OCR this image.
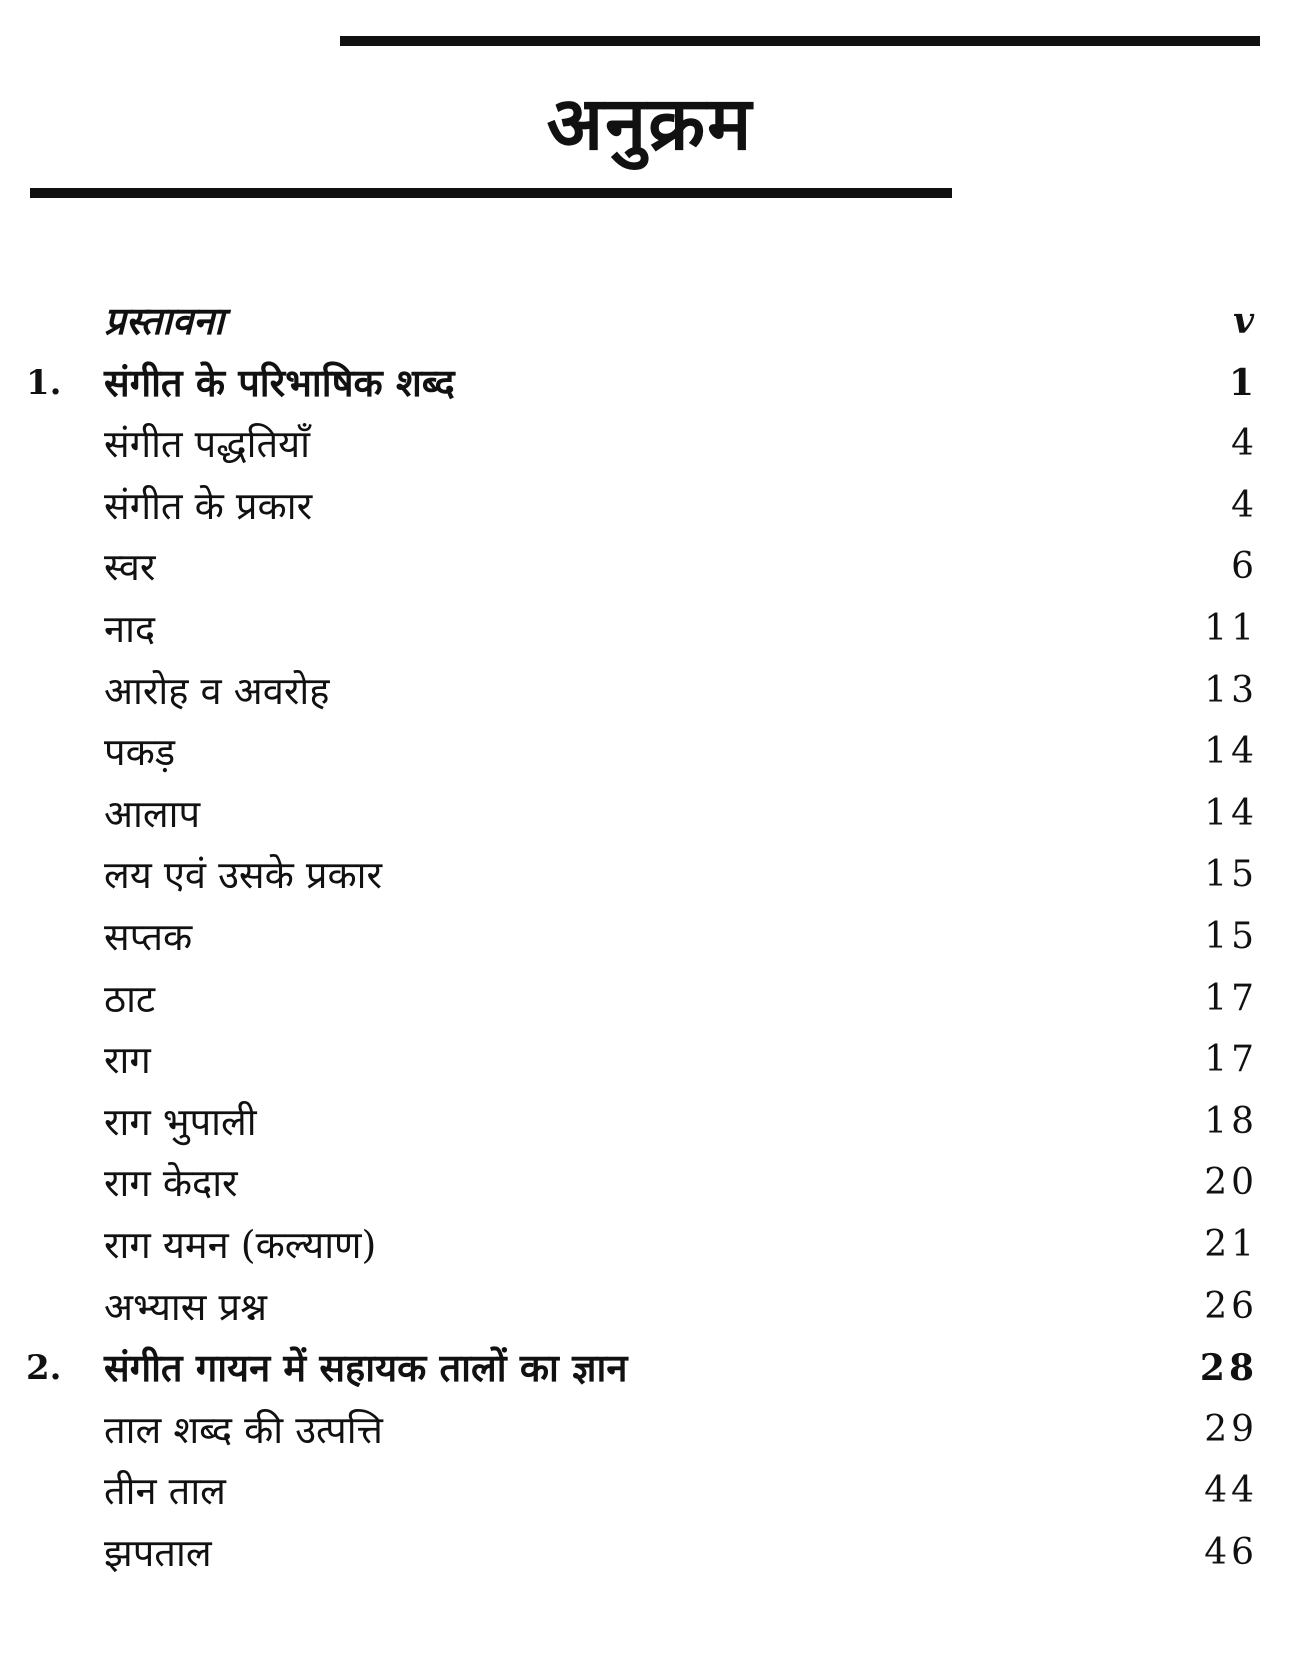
अनुक्रम
प्रस्तावना	v
1. संगीत के परिभाषिक शब्द	1
संगीत पद्धतियाँ	4
संगीत के प्रकार	4
स्वर	6
नाद	11
आरोह व अवरोह	13
पकड़	14
आलाप	14
लय एवं उसके प्रकार	15
सप्तक	15
ठाट	17
राग	17
राग भुपाली	18
राग केदार	20
राग यमन (कल्याण)	21
अभ्यास प्रश्न	26
2. संगीत गायन में सहायक तालों का ज्ञान	28
ताल शब्द की उत्पत्ति	29
तीन ताल	44
झपताल	46
